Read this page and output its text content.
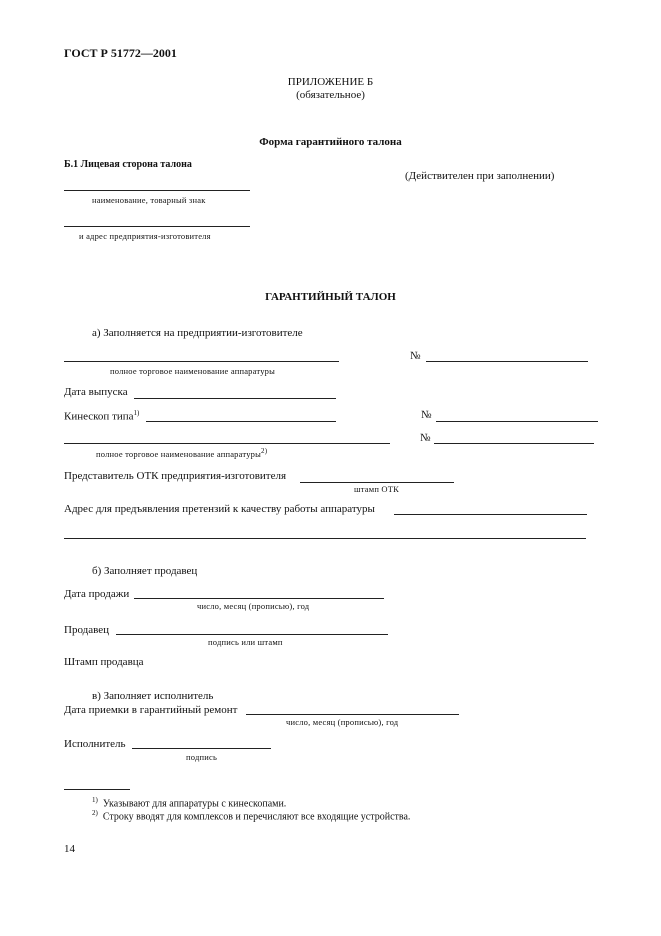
ГОСТ Р 51772—2001
ПРИЛОЖЕНИЕ Б
(обязательное)
Форма гарантийного талона
Б.1 Лицевая сторона талона
(Действителен при заполнении)
наименование, товарный знак
и адрес предприятия-изготовителя
ГАРАНТИЙНЫЙ ТАЛОН
а) Заполняется на предприятии-изготовителе
№
полное торговое наименование аппаратуры
Дата выпуска
Кинескоп типа$^{1)}$	№
№
полное торговое наименование аппаратуры$^{2)}$
Представитель ОТК предприятия-изготовителя
штамп ОТК
Адрес для предъявления претензий к качеству работы аппаратуры
б) Заполняет продавец
Дата продажи
число, месяц (прописью), год
Продавец
подпись или штамп
Штамп продавца
в) Заполняет исполнитель
Дата приемки в гарантийный ремонт
число, месяц (прописью), год
Исполнитель
подпись
$^{1)}$ Указывают для аппаратуры с кинескопами.
$^{2)}$ Строку вводят для комплексов и перечисляют все входящие устройства.
14
